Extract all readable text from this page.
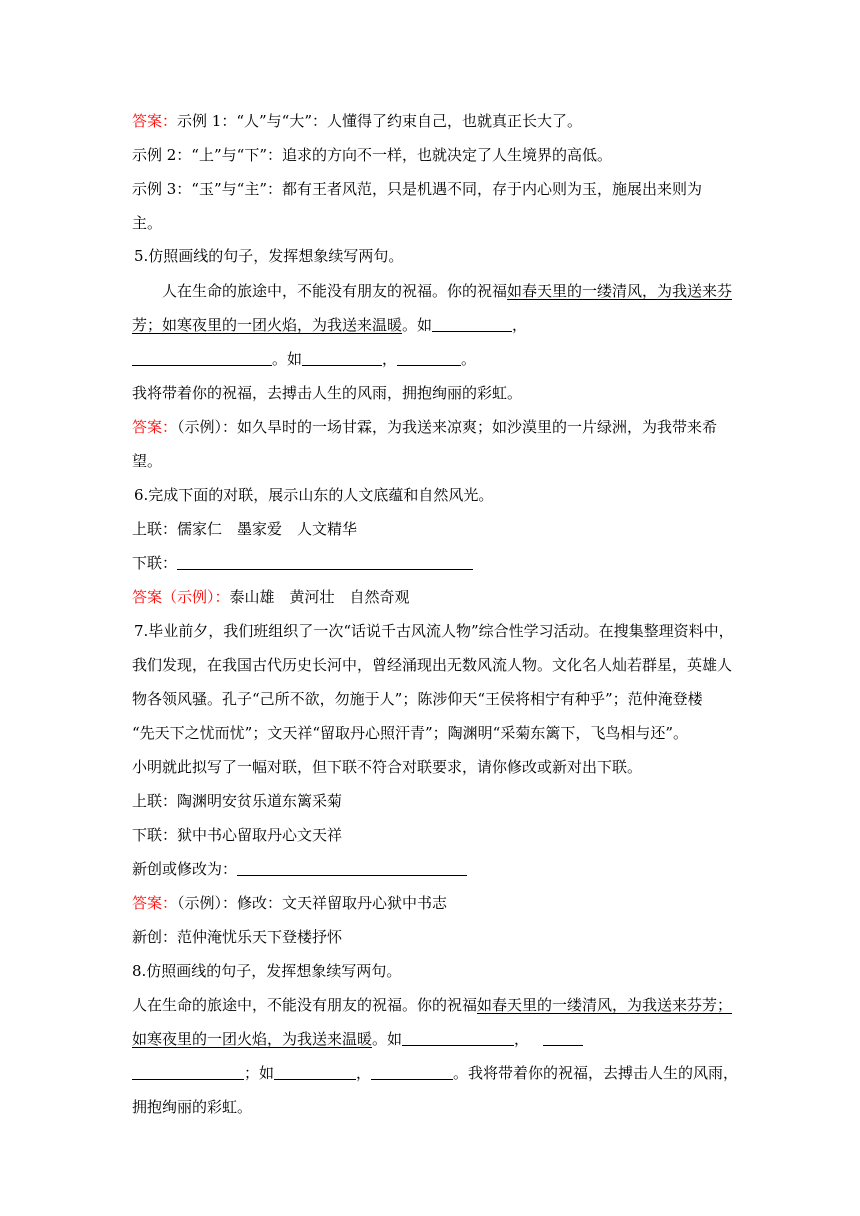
答案：示例 1：“人”与“大”：人懂得了约束自己，也就真正长大了。
示例 2：“上”与“下”：追求的方向不一样，也就决定了人生境界的高低。
示例 3：“玉”与“主”：都有王者风范，只是机遇不同，存于内心则为玉，施展出来则为
主。
5.仿照画线的句子，发挥想象续写两句。
人在生命的旅途中，不能没有朋友的祝福。你的祝福如春天里的一缕清风，为我送来芬
芳；如寒夜里的一团火焰，为我送来温暖。如	，
。如	，	。
我将带着你的祝福，去搏击人生的风雨，拥抱绚丽的彩虹。
答案：（示例）：如久旱时的一场甘霖，为我送来凉爽；如沙漠里的一片绿洲，为我带来希
望。
6.完成下面的对联，展示山东的人文底蕴和自然风光。
上联：儒家仁　墨家爱　人文精华
下联：
答案（示例）：泰山雄　黄河壮　自然奇观
7.毕业前夕，我们班组织了一次“话说千古风流人物”综合性学习活动。在搜集整理资料中，
我们发现，在我国古代历史长河中，曾经涌现出无数风流人物。文化名人灿若群星，英雄人
物各领风骚。孔子“己所不欲，勿施于人”；陈涉仰天“王侯将相宁有种乎”；范仲淹登楼
“先天下之忧而忧”；文天祥“留取丹心照汗青”；陶渊明“采菊东篱下，飞鸟相与还”。
小明就此拟写了一幅对联，但下联不符合对联要求，请你修改或新对出下联。
上联：陶渊明安贫乐道东篱采菊
下联：狱中书心留取丹心文天祥
新创或修改为：
答案：（示例）：修改：文天祥留取丹心狱中书志
新创：范仲淹忧乐天下登楼抒怀
8.仿照画线的句子，发挥想象续写两句。
人在生命的旅途中，不能没有朋友的祝福。你的祝福如春天里的一缕清风，为我送来芬芳；
如寒夜里的一团火焰，为我送来温暖。如	，
；如	，	。我将带着你的祝福，去搏击人生的风雨，
拥抱绚丽的彩虹。
